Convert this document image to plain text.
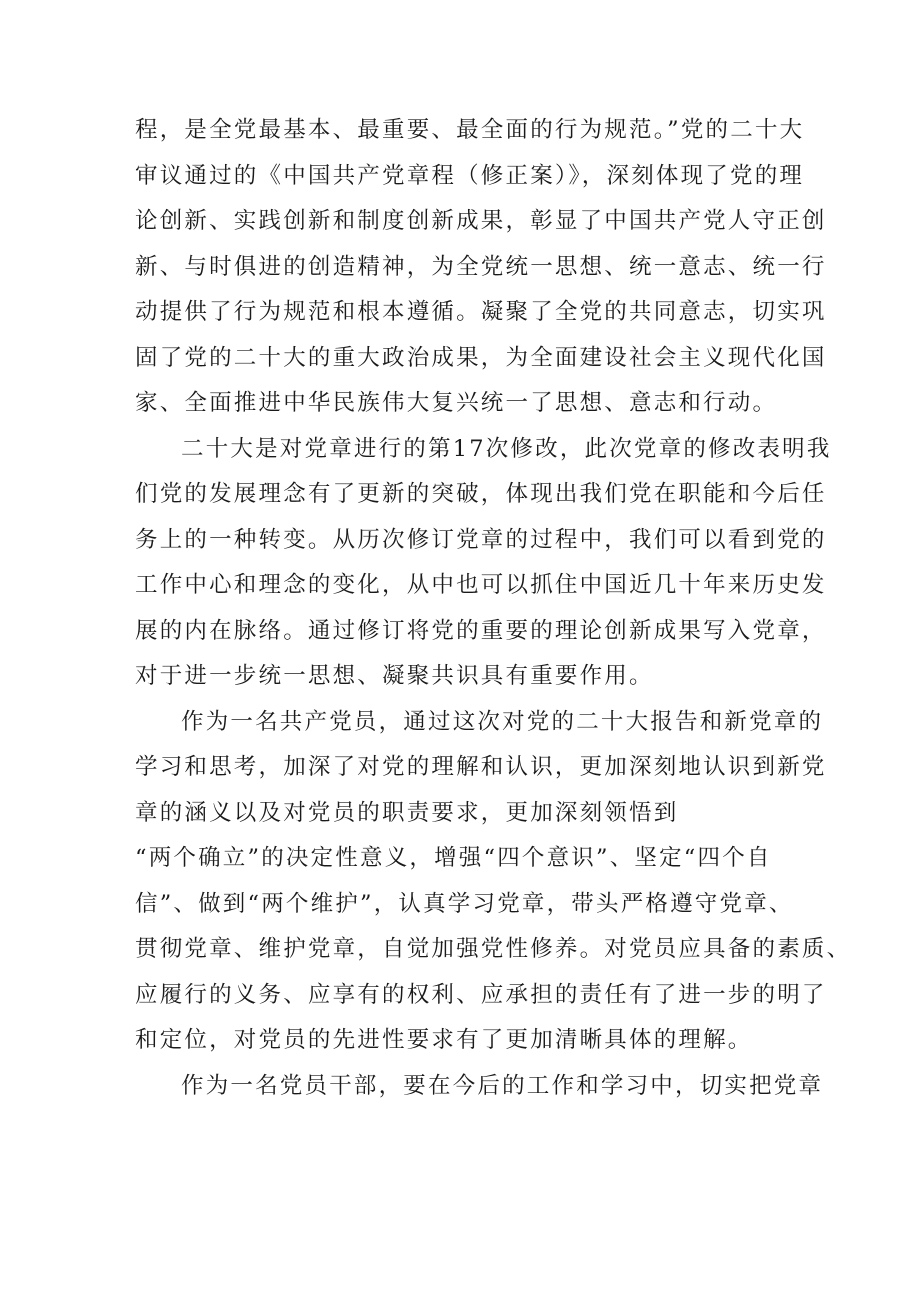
程，是全党最基本、最重要、最全面的行为规范。”党的二十大
审议通过的《中国共产党章程（修正案）》，深刻体现了党的理
论创新、实践创新和制度创新成果，彰显了中国共产党人守正创
新、与时俱进的创造精神，为全党统一思想、统一意志、统一行
动提供了行为规范和根本遵循。凝聚了全党的共同意志，切实巩
固了党的二十大的重大政治成果，为全面建设社会主义现代化国
家、全面推进中华民族伟大复兴统一了思想、意志和行动。
二十大是对党章进行的第17次修改，此次党章的修改表明我
们党的发展理念有了更新的突破，体现出我们党在职能和今后任
务上的一种转变。从历次修订党章的过程中，我们可以看到党的
工作中心和理念的变化，从中也可以抓住中国近几十年来历史发
展的内在脉络。通过修订将党的重要的理论创新成果写入党章，
对于进一步统一思想、凝聚共识具有重要作用。
作为一名共产党员，通过这次对党的二十大报告和新党章的
学习和思考，加深了对党的理解和认识，更加深刻地认识到新党
章的涵义以及对党员的职责要求，更加深刻领悟到
“两个确立”的决定性意义，增强“四个意识”、坚定“四个自
信”、做到“两个维护”，认真学习党章，带头严格遵守党章、
贯彻党章、维护党章，自觉加强党性修养。对党员应具备的素质、
应履行的义务、应享有的权利、应承担的责任有了进一步的明了
和定位，对党员的先进性要求有了更加清晰具体的理解。
作为一名党员干部，要在今后的工作和学习中，切实把党章
